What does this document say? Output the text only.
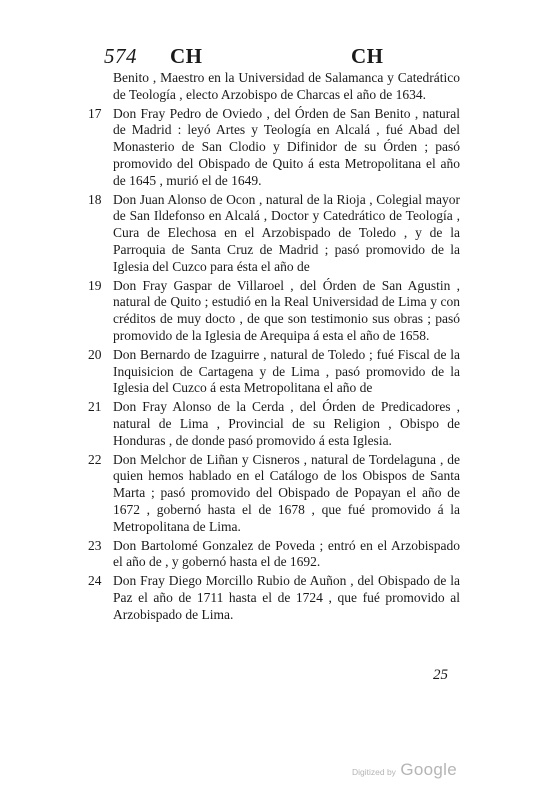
574 CH	CH
Benito , Maestro en la Universidad de Salamanca y Catedrático de Teología , electo Arzobispo de Charcas el año de 1634.
17 Don Fray Pedro de Oviedo , del Órden de San Benito , natural de Madrid : leyó Artes y Teología en Alcalá , fué Abad del Monasterio de San Clodio y Difinidor de su Órden ; pasó promovido del Obispado de Quito á esta Metropolitana el año de 1645 , murió el de 1649.
18 Don Juan Alonso de Ocon , natural de la Rioja , Colegial mayor de San Ildefonso en Alcalá , Doctor y Catedrático de Teología , Cura de Elechosa en el Arzobispado de Toledo , y de la Parroquia de Santa Cruz de Madrid ; pasó promovido de la Iglesia del Cuzco para ésta el año de
19 Don Fray Gaspar de Villaroel , del Órden de San Agustin , natural de Quito ; estudió en la Real Universidad de Lima y con créditos de muy docto , de que son testimonio sus obras ; pasó promovido de la Iglesia de Arequipa á esta el año de 1658.
20 Don Bernardo de Izaguirre , natural de Toledo ; fué Fiscal de la Inquisicion de Cartagena y de Lima , pasó promovido de la Iglesia del Cuzco á esta Metropolitana el año de
21 Don Fray Alonso de la Cerda , del Órden de Predicadores , natural de Lima , Provincial de su Religion , Obispo de Honduras , de donde pasó promovido á esta Iglesia.
22 Don Melchor de Liñan y Cisneros , natural de Tordelaguna , de quien hemos hablado en el Catálogo de los Obispos de Santa Marta ; pasó promovido del Obispado de Popayan el año de 1672 , gobernó hasta el de 1678 , que fué promovido á la Metropolitana de Lima.
23 Don Bartolomé Gonzalez de Poveda ; entró en el Arzobispado el año de , y gobernó hasta el de 1692.
24 Don Fray Diego Morcillo Rubio de Auñon , del Obispado de la Paz el año de 1711 hasta el de 1724 , que fué promovido al Arzobispado de Lima.
25
Digitized by Google
